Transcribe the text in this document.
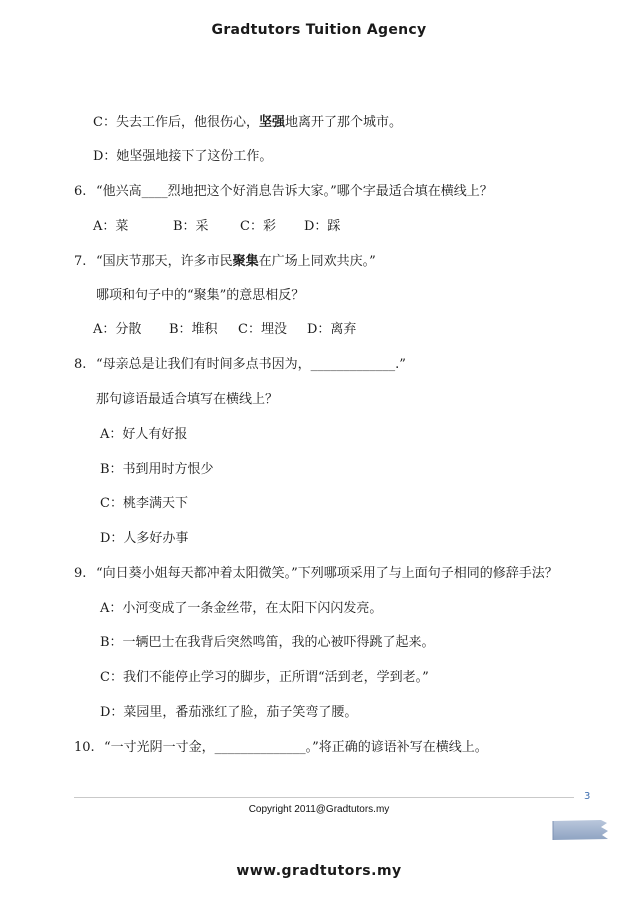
Gradtutors Tuition Agency
C：失去工作后，他很伤心，坚强地离开了那个城市。
D：她坚强地接下了这份工作。
6. “他兴高____烈地把这个好消息告诉大家。”哪个字最适合填在横线上？
A：菜	B：采 C：彩 D：踩
7. “国庆节那天，许多市民聚集在广场上同欢共庆。”
哪项和句子中的“聚集”的意思相反？
A：分散 B：堆积 C：埋没 D：离弃
8. “母亲总是让我们有时间多点书因为，_____________.”
那句谚语最适合填写在横线上？
A：好人有好报
B：书到用时方恨少
C：桃李满天下
D：人多好办事
9. “向日葵小姐每天都冲着太阳微笑。”下列哪项采用了与上面句子相同的修辞手法？
A：小河变成了一条金丝带，在太阳下闪闪发亮。
B：一辆巴士在我背后突然鸣笛，我的心被吓得跳了起来。
C：我们不能停止学习的脚步，正所谓“活到老，学到老。”
D：菜园里，番茄涨红了脸，茄子笑弯了腰。
10. “一寸光阴一寸金，______________。”将正确的谚语补写在横线上。
3
Copyright 2011@Gradtutors.my
www.gradtutors.my
